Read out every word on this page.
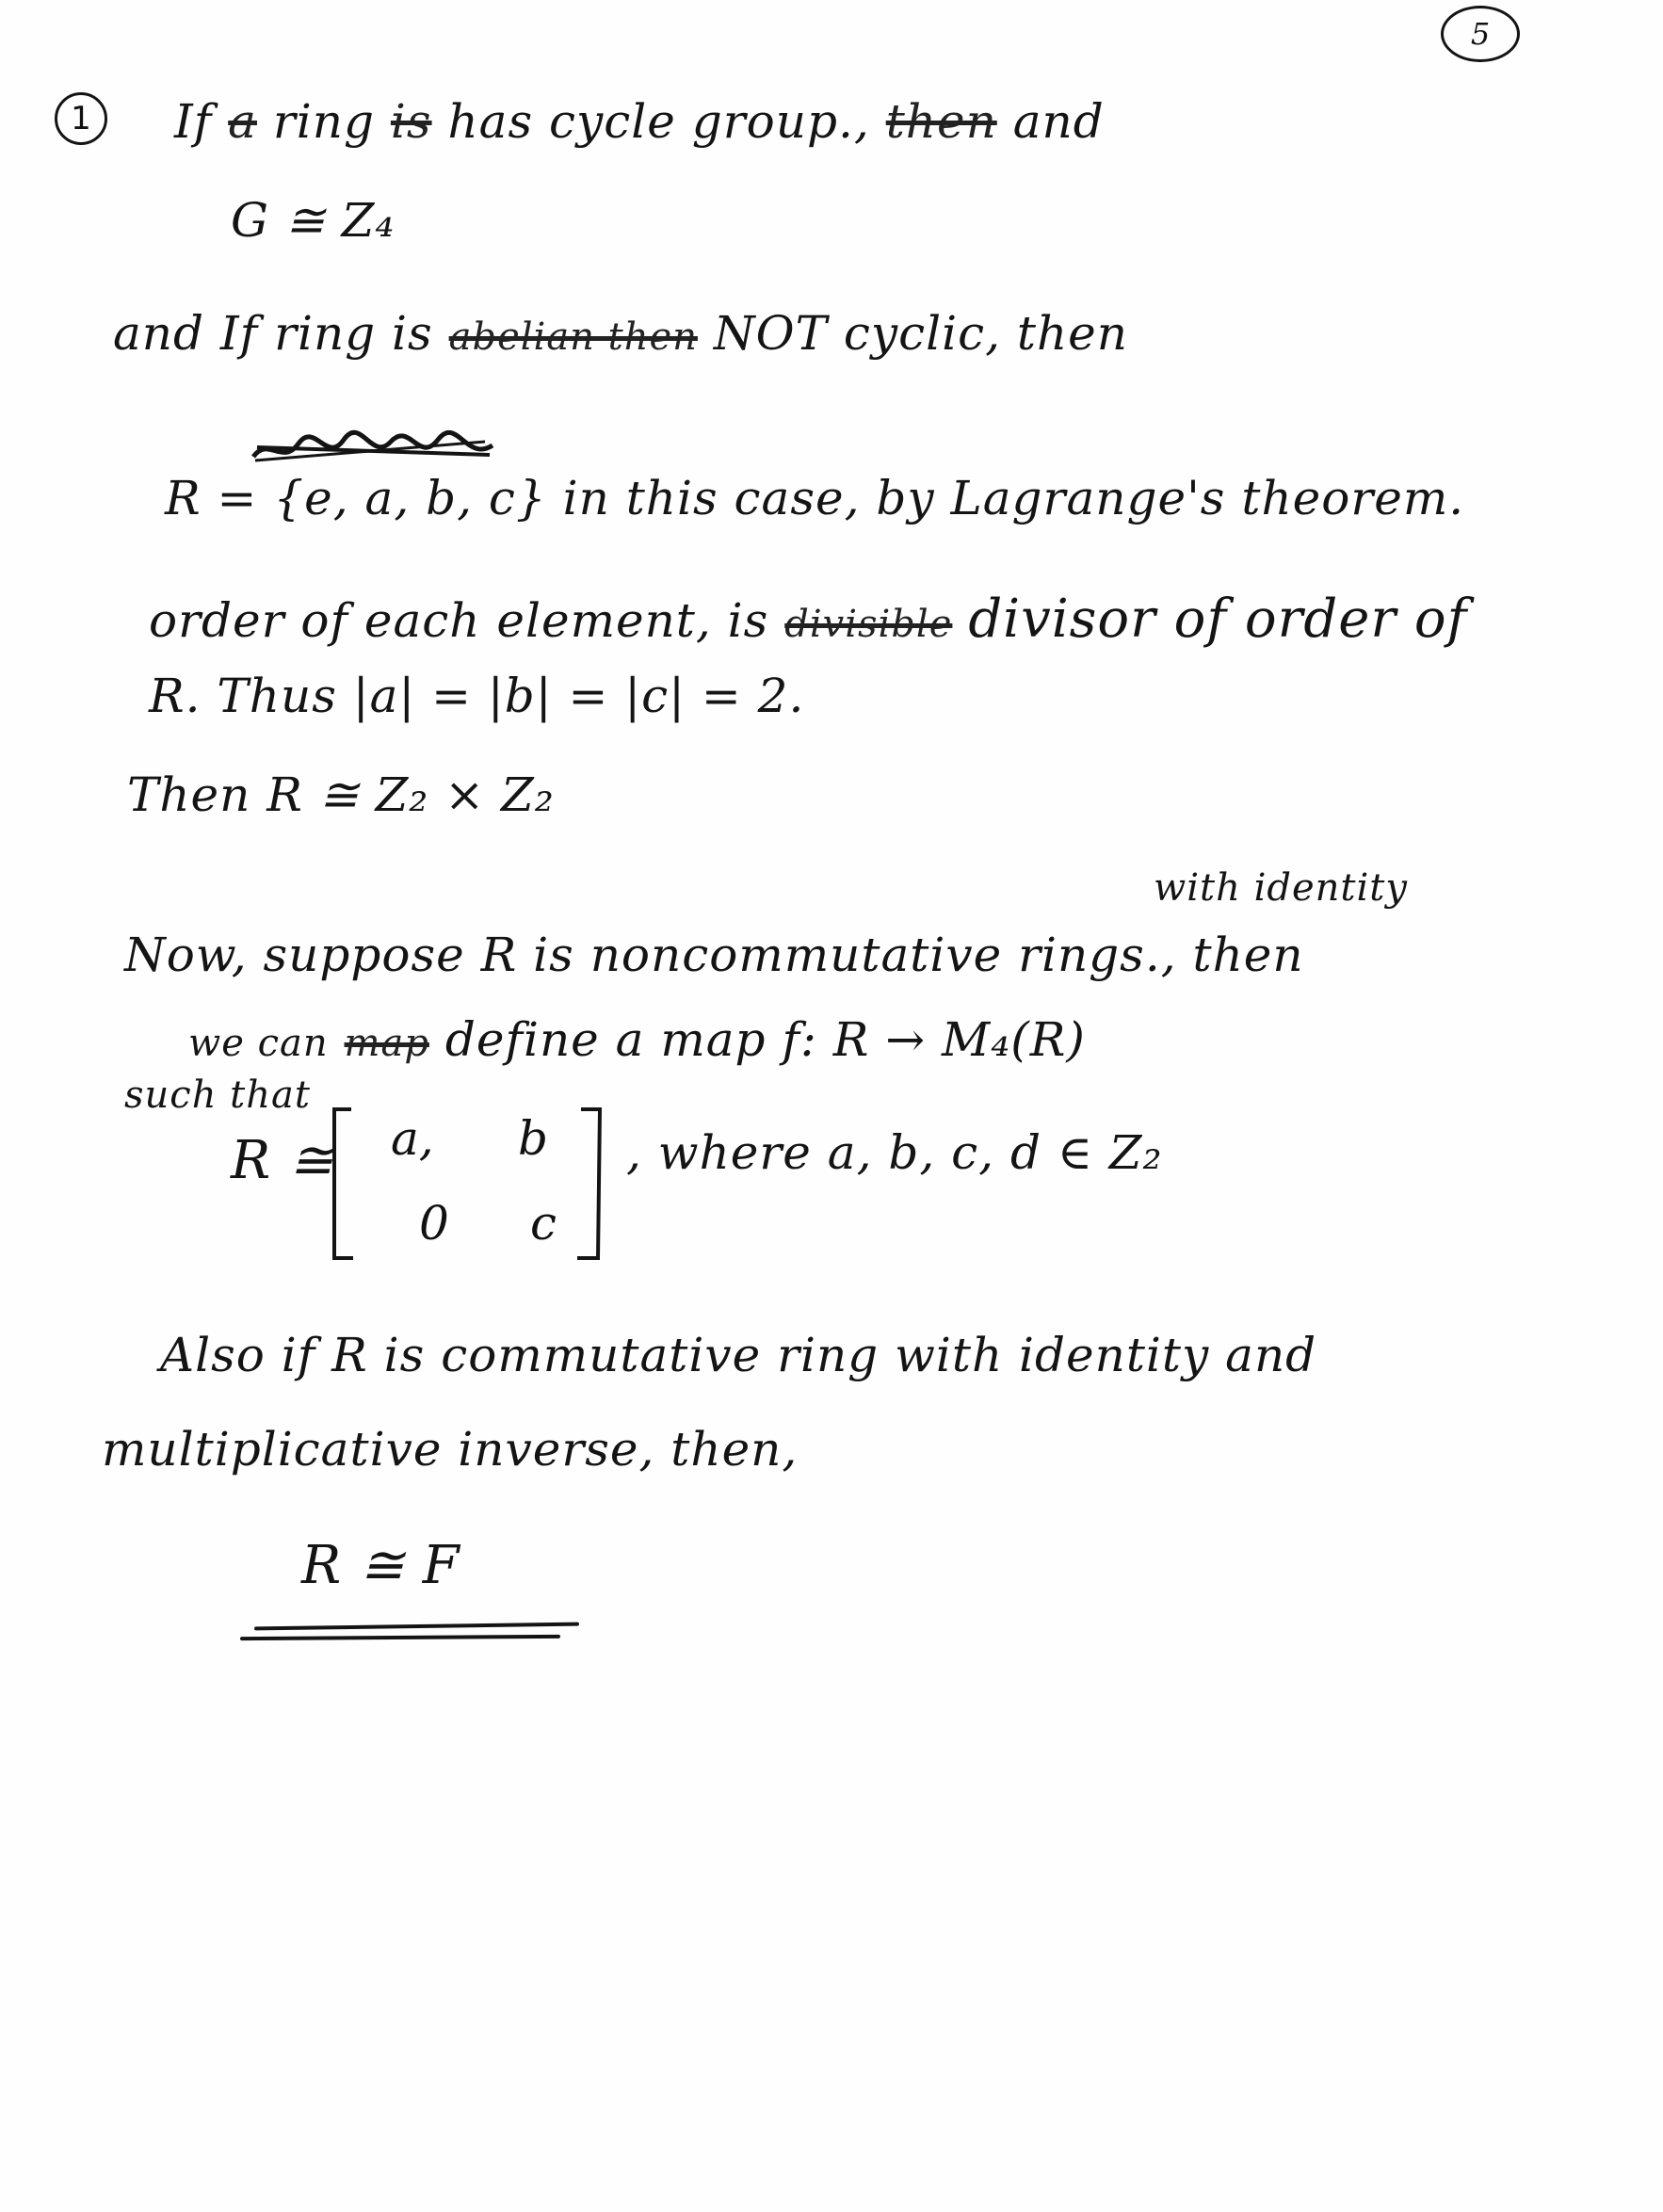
5
1 If a ring is has cycle group., then and
G ≅ Z₄
and If ring is abelian then NOT cyclic, then
R = {e, a, b, c} in this case, by Lagrange's theorem.
order of each element, is divisible divisor of order of
R. Thus |a| = |b| = |c| = 2.
Then R ≅ Z₂ × Z₂
with identity
Now, suppose R is noncommutative rings., then
we can map define a map f: R → M₄(R)
such that
R ≅ a, b
0 c
, where a, b, c, d ∈ Z₂
Also if R is commutative ring with identity and
multiplicative inverse, then,
R ≅ F
